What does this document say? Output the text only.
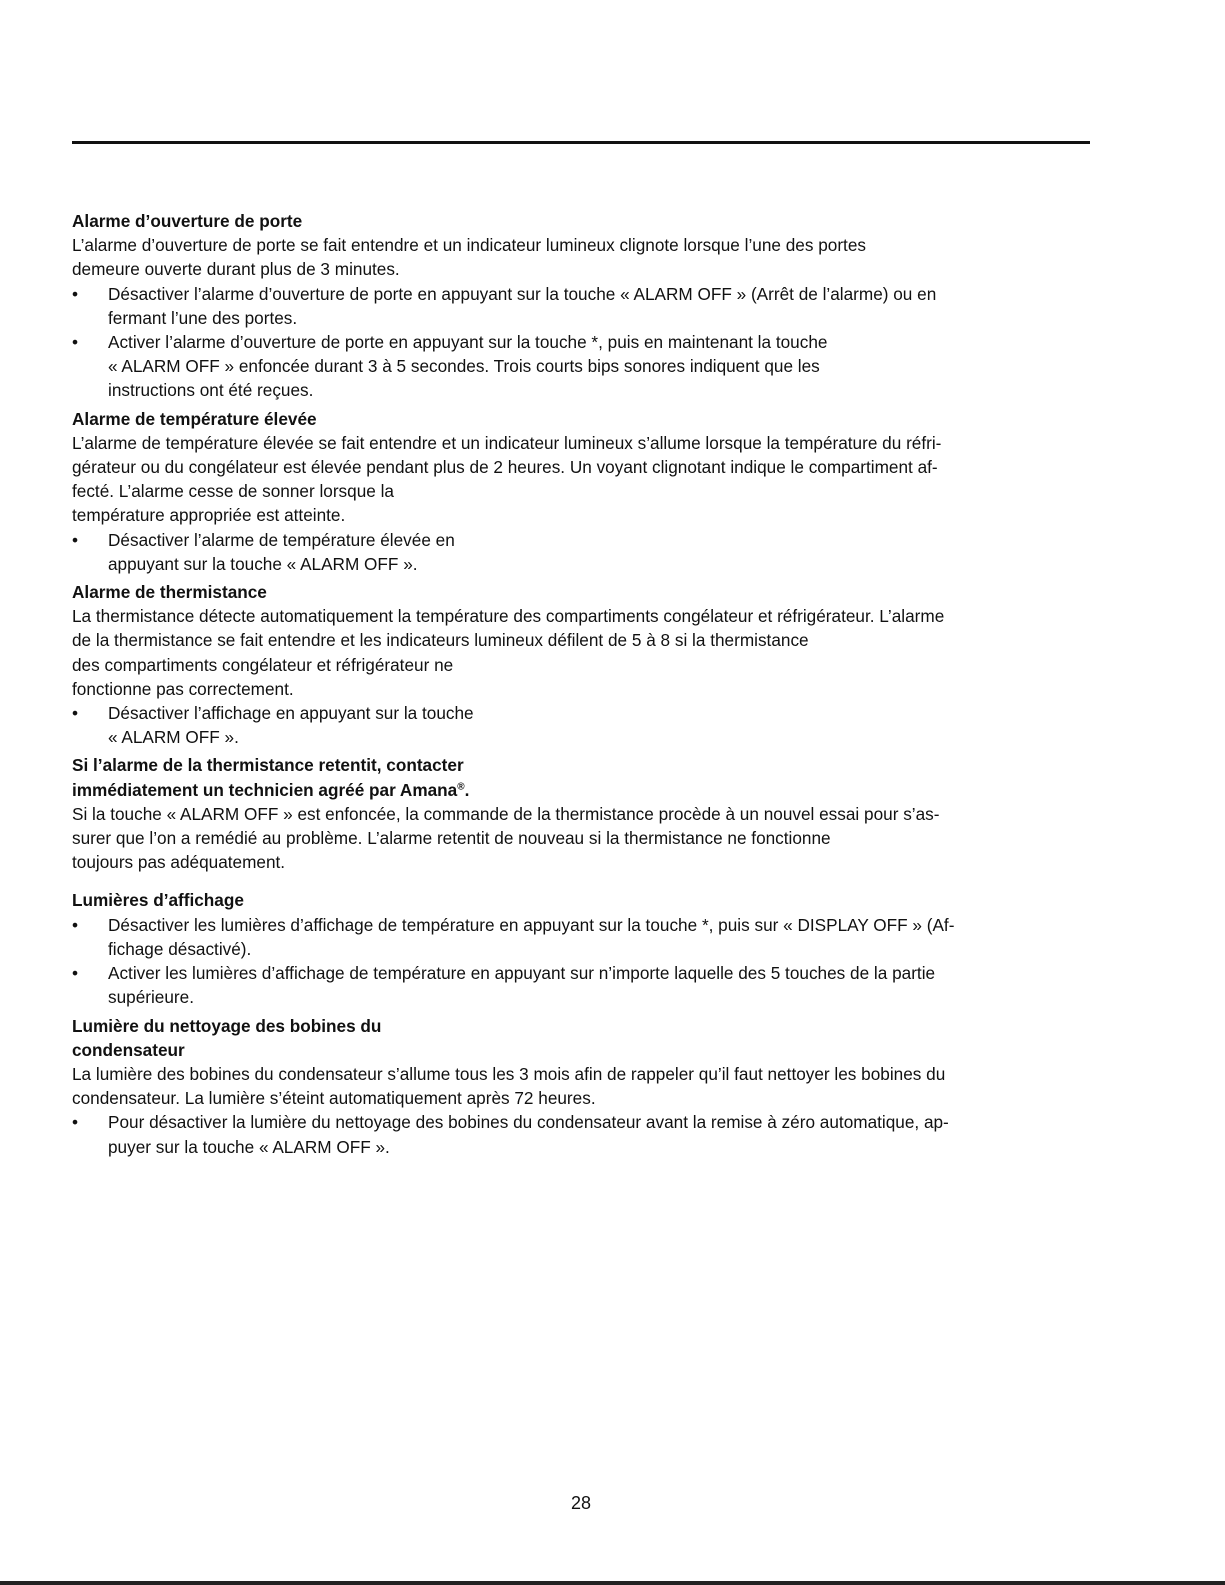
Alarme d’ouverture de porte
L’alarme d’ouverture de porte se fait entendre et un indicateur lumineux clignote lorsque l’une des portes
demeure ouverte durant plus de 3 minutes.
• Désactiver l’alarme d’ouverture de porte en appuyant sur la touche « ALARM OFF » (Arrêt de l’alarme) ou en
fermant l’une des portes.
• Activer l’alarme d’ouverture de porte en appuyant sur la touche *, puis en maintenant la touche
« ALARM OFF » enfoncée durant 3 à 5 secondes. Trois courts bips sonores indiquent que les
instructions ont été reçues.
Alarme de température élevée
L’alarme de température élevée se fait entendre et un indicateur lumineux s’allume lorsque la température du réfri-
gérateur ou du congélateur est élevée pendant plus de 2 heures. Un voyant clignotant indique le compartiment af-
fecté. L’alarme cesse de sonner lorsque la
température appropriée est atteinte.
• Désactiver l’alarme de température élevée en
appuyant sur la touche « ALARM OFF ».
Alarme de thermistance
La thermistance détecte automatiquement la température des compartiments congélateur et réfrigérateur. L’alarme
de la thermistance se fait entendre et les indicateurs lumineux défilent de 5 à 8 si la thermistance
des compartiments congélateur et réfrigérateur ne
fonctionne pas correctement.
• Désactiver l’affichage en appuyant sur la touche
« ALARM OFF ».
Si l’alarme de la thermistance retentit, contacter
immédiatement un technicien agréé par Amana®.
Si la touche « ALARM OFF » est enfoncée, la commande de la thermistance procède à un nouvel essai pour s’as-
surer que l’on a remédié au problème. L’alarme retentit de nouveau si la thermistance ne fonctionne
toujours pas adéquatement.
Lumières d’affichage
• Désactiver les lumières d’affichage de température en appuyant sur la touche *, puis sur « DISPLAY OFF » (Af-
fichage désactivé).
• Activer les lumières d’affichage de température en appuyant sur n’importe laquelle des 5 touches de la partie
supérieure.
Lumière du nettoyage des bobines du
condensateur
La lumière des bobines du condensateur s’allume tous les 3 mois afin de rappeler qu’il faut nettoyer les bobines du
condensateur. La lumière s’éteint automatiquement après 72 heures.
• Pour désactiver la lumière du nettoyage des bobines du condensateur avant la remise à zéro automatique, ap-
puyer sur la touche « ALARM OFF ».
28
